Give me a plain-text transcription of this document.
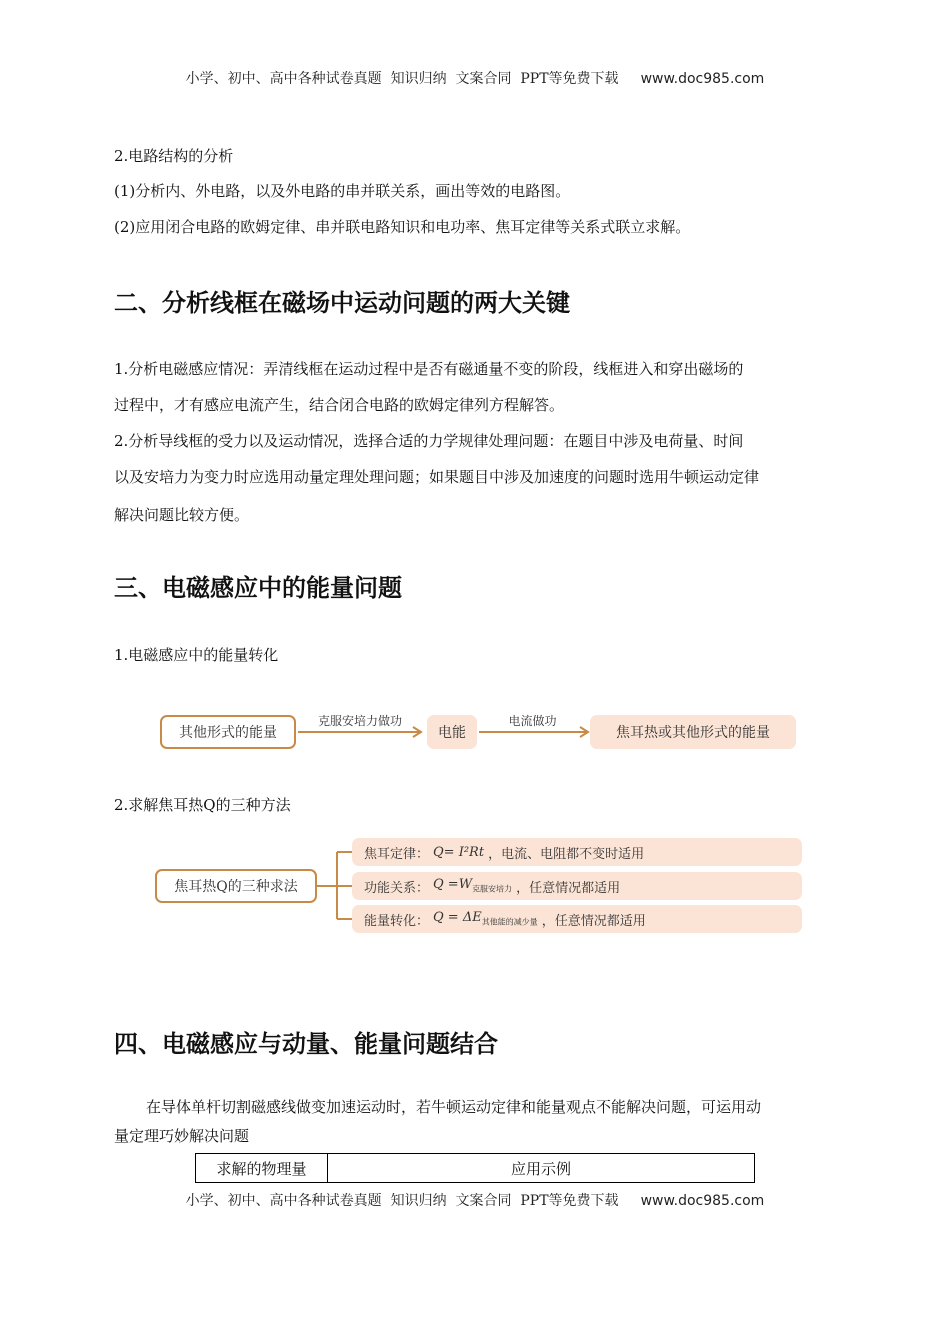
小学、初中、高中各种试卷真题  知识归纳  文案合同  PPT等免费下载 www.doc985.com
2.电路结构的分析
(1)分析内、外电路，以及外电路的串并联关系，画出等效的电路图。
(2)应用闭合电路的欧姆定律、串并联电路知识和电功率、焦耳定律等关系式联立求解。
二、分析线框在磁场中运动问题的两大关键
1.分析电磁感应情况：弄清线框在运动过程中是否有磁通量不变的阶段，线框进入和穿出磁场的
过程中，才有感应电流产生，结合闭合电路的欧姆定律列方程解答。
2.分析导线框的受力以及运动情况，选择合适的力学规律处理问题：在题目中涉及电荷量、时间
以及安培力为变力时应选用动量定理处理问题；如果题目中涉及加速度的问题时选用牛顿运动定律
解决问题比较方便。
三、电磁感应中的能量问题
1.电磁感应中的能量转化
其他形式的能量
克服安培力做功
电能
电流做功
焦耳热或其他形式的能量
2.求解焦耳热Q的三种方法
焦耳热Q的三种求法
焦耳定律： Q= I²Rt ，电流、电阻都不变时适用
功能关系： $Q =W_{克服安培力}$ ，任意情况都适用
能量转化： $Q = \Delta E_{其他能的减少量}$ ，任意情况都适用
四、电磁感应与动量、能量问题结合
在导体单杆切割磁感线做变加速运动时，若牛顿运动定律和能量观点不能解决问题，可运用动
量定理巧妙解决问题
求解的物理量	应用示例
小学、初中、高中各种试卷真题  知识归纳  文案合同  PPT等免费下载 www.doc985.com
